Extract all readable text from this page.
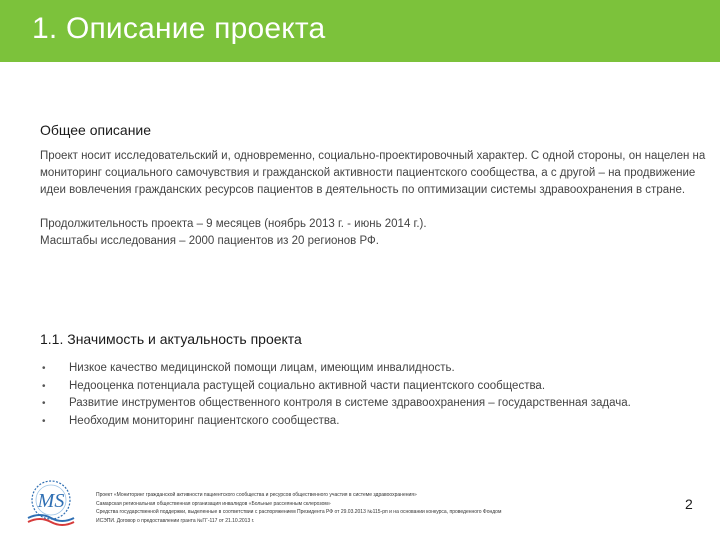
1. Описание проекта
Общее описание

Проект носит исследовательский и, одновременно, социально-проектировочный характер. С одной стороны, он нацелен на мониторинг социального самочувствия и гражданской активности пациентского сообщества, а с другой – на продвижение идеи вовлечения гражданских ресурсов пациентов в деятельность по оптимизации системы здравоохранения в стране.

Продолжительность проекта – 9 месяцев (ноябрь 2013 г. - июнь 2014 г.).

Масштабы исследования – 2000 пациентов из 20 регионов РФ.

1.1. Значимость и актуальность проекта
• Низкое качество медицинской помощи лицам, имеющим инвалидность.
• Недооценка потенциала растущей социально активной части пациентского сообщества.
• Развитие инструментов общественного контроля в системе здравоохранения – государственная задача.
• Необходим мониторинг пациентского сообщества.
MS	Проект «Мониторинг гражданской активности пациентского сообщества и ресурсов общественного участия в системе здравоохранения»
Самарская региональная общественная организация инвалидов «Больные рассеянным склерозом»
Средства государственной поддержки, выделенные в соответствии с распоряжением Президента РФ от 29.03.2013 №115-рп и на основании конкурса, проведенного Фондом
ИСЭПИ. Договор о предоставлении гранта №ГГ-117 от 21.10.2013 г.
2
